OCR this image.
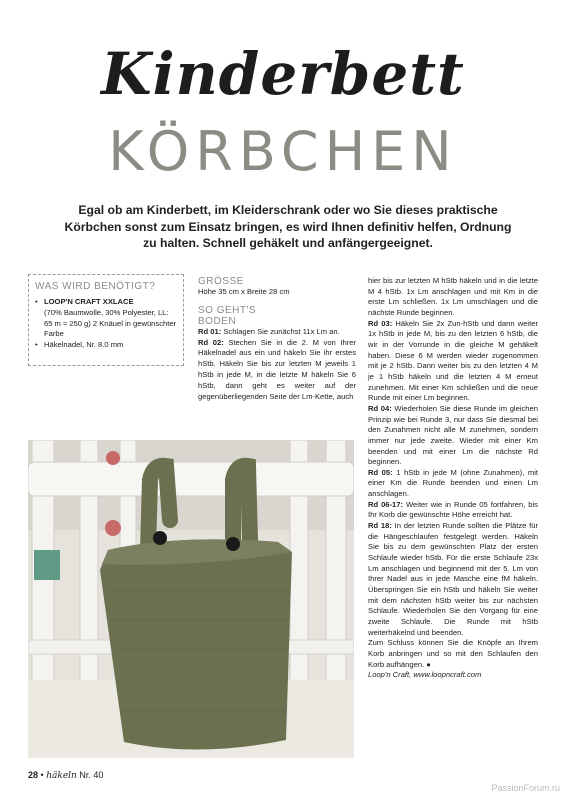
Kinderbett
KÖRBCHEN
Egal ob am Kinderbett, im Kleiderschrank oder wo Sie dieses praktische Körbchen sonst zum Einsatz bringen, es wird Ihnen definitiv helfen, Ordnung zu halten. Schnell gehäkelt und anfängergeeignet.
WAS WIRD BENÖTIGT?
• LOOP'N CRAFT XXLACE
(70% Baumwolle, 30% Polyester, LL: 65 m ≈ 250 g) 2 Knäuel in gewünschter Farbe
• Häkelnadel, Nr. 8.0 mm
GRÖSSE

Höhe 35 cm x Breite 28 cm

SO GEHT'S
BODEN

Rd 01: Schlagen Sie zunächst 11x Lm an.

Rd 02: Stechen Sie in die 2. M von Ihrer Häkelnadel aus ein und häkeln Sie ihr erstes hStb. Häkeln Sie bis zur letzten M jeweils 1 hStb in jede M, in die letzte M häkeln Sie 6 hStb, dann geht es weiter auf der gegenüberliegenden Seite der Lm-Kette, auch

hier bis zur letzten M hStb häkeln und in die letzte M 4 hStb. 1x Lm anschlagen und mit Km in die erste Lm schließen. 1x Lm umschlagen und die nächste Runde beginnen.

Rd 03: Häkeln Sie 2x Zun-hStb und dann weiter 1x hStb in jede M, bis zu den letzten 6 hStb, die wir in der Vorrunde in die gleiche M gehäkelt haben. Diese 6 M werden wieder zugenommen mit je 2 hStb. Dann weiter bis zu den letzten 4 M je 1 hStb häkeln und die letzten 4 M erneut zunehmen. Mit einer Km schließen und die neue Runde mit einer Lm beginnen.

Rd 04: Wiederholen Sie diese Runde im gleichen Prinzip wie bei Runde 3, nur dass Sie diesmal bei den Zunahmen nicht alle M zunehmen, sondern immer nur jede zweite. Wieder mit einer Km beenden und mit einer Lm die nächste Rd beginnen.

Rd 05: 1 hStb in jede M (ohne Zunahmen), mit einer Km die Runde beenden und einen Lm anschlagen.

Rd 06-17: Weiter wie in Runde 05 fortfahren, bis Ihr Korb die gewünschte Höhe erreicht hat.

Rd 18: In der letzten Runde sollten die Plätze für die Hängeschlaufen festgelegt werden. Häkeln Sie bis zu dem gewünschten Platz der ersten Schlaufe wieder hStb. Für die erste Schlaufe 23x Lm anschlagen und beginnend mit der 5. Lm von Ihrer Nadel aus in jede Masche eine fM häkeln. Überspringen Sie ein hStb und häkeln Sie weiter mit dem nächsten hStb weiter bis zur nächsten Schlaufe. Wiederholen Sie den Vorgang für eine zweite Schlaufe. Die Runde mit hStb weiterhäkelnd und beenden.

Zum Schluss können Sie die Knöpfe an Ihrem Korb anbringen und so mit den Schlaufen den Korb aufhängen. ●

Loop'n Craft, www.loopncraft.com

28 • häkeln Nr. 40
PassionForum.ru
